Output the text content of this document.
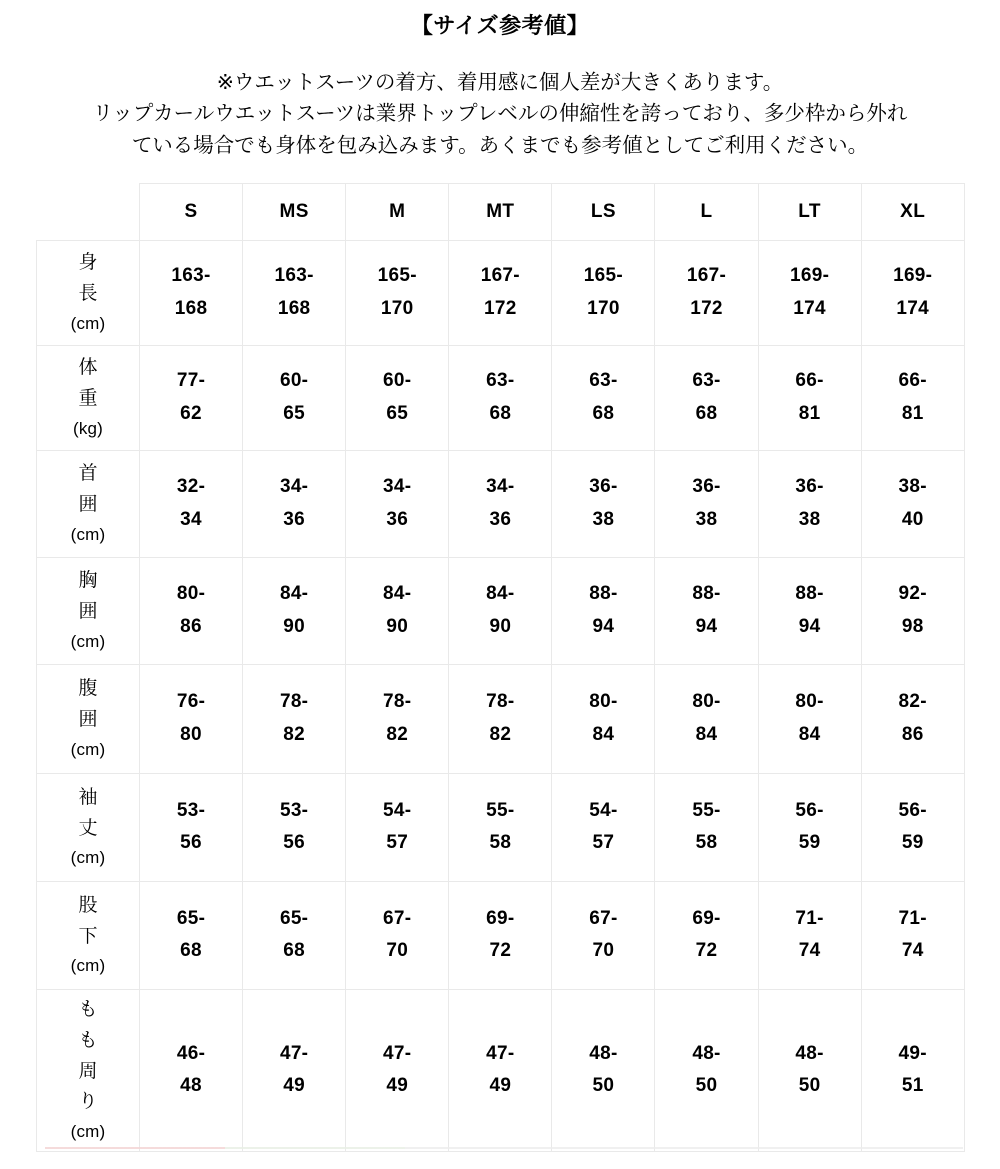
【サイズ参考値】
※ウエットスーツの着方、着用感に個人差が大きくあります。
リップカールウエットスーツは業界トップレベルの伸縮性を誇っており、多少枠から外れ
ている場合でも身体を包み込みます。あくまでも参考値としてご利用ください。
	S	MS	M	MT	LS	L	LT	XL

身
長
(cm)	163-
168	163-
168	165-
170	167-
172	165-
170	167-
172	169-
174	169-
174

体
重
(kg)	77-
62	60-
65	60-
65	63-
68	63-
68	63-
68	66-
81	66-
81

首
囲
(cm)	32-
34	34-
36	34-
36	34-
36	36-
38	36-
38	36-
38	38-
40

胸
囲
(cm)	80-
86	84-
90	84-
90	84-
90	88-
94	88-
94	88-
94	92-
98

腹
囲
(cm)	76-
80	78-
82	78-
82	78-
82	80-
84	80-
84	80-
84	82-
86

袖
丈
(cm)	53-
56	53-
56	54-
57	55-
58	54-
57	55-
58	56-
59	56-
59

股
下
(cm)	65-
68	65-
68	67-
70	69-
72	67-
70	69-
72	71-
74	71-
74

も
も
周
り
(cm)	46-
48	47-
49	47-
49	47-
49	48-
50	48-
50	48-
50	49-
51
